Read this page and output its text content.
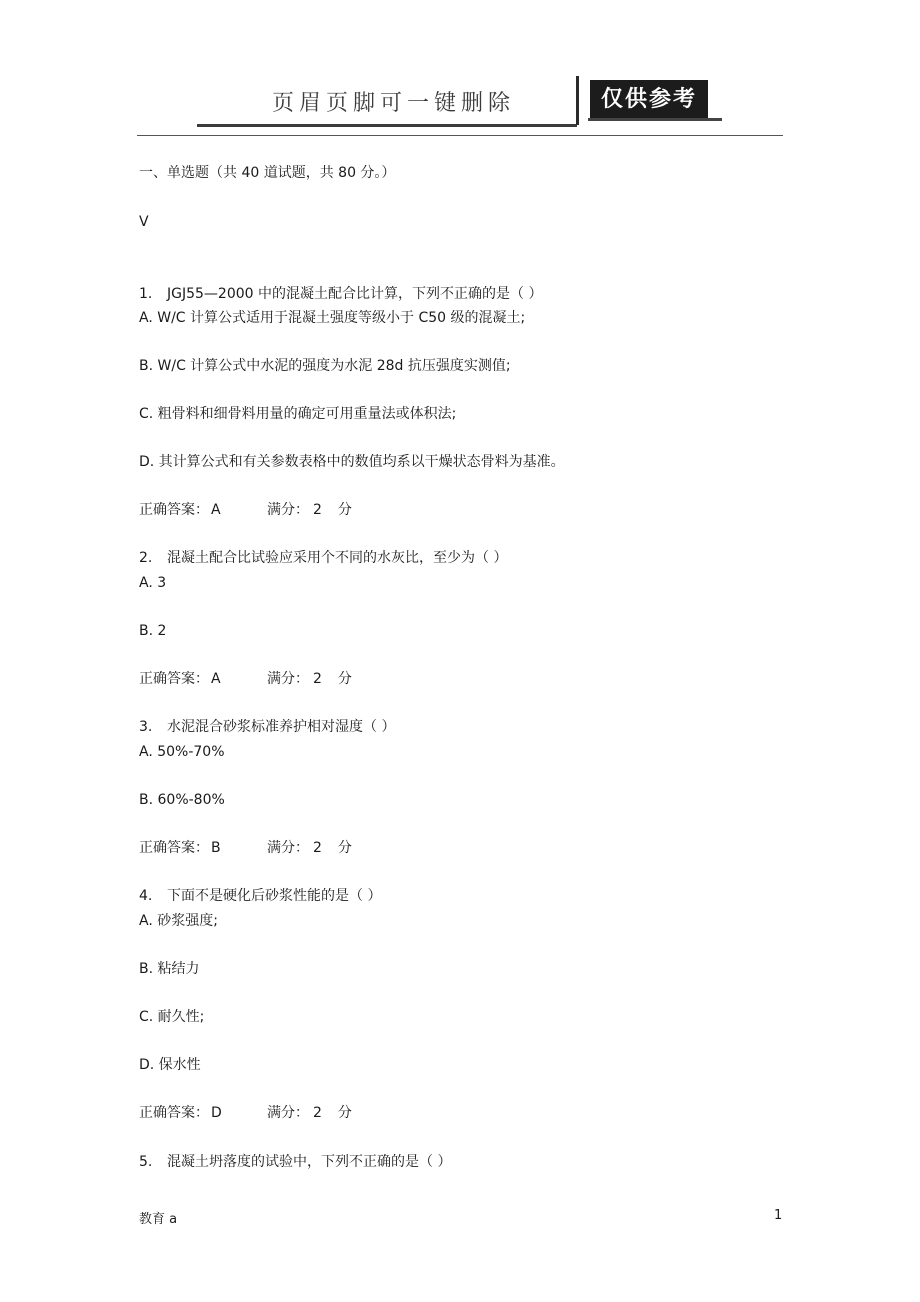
页眉页脚可一键删除	仅供参考
一、单选题（共 40 道试题，共 80 分。）
V
1. JGJ55—2000 中的混凝土配合比计算，下列不正确的是（ ）
A. W/C 计算公式适用于混凝土强度等级小于 C50 级的混凝土;
B. W/C 计算公式中水泥的强度为水泥 28d 抗压强度实测值;
C. 粗骨料和细骨料用量的确定可用重量法或体积法;
D. 其计算公式和有关参数表格中的数值均系以干燥状态骨料为基准。
正确答案： A	满分： 2 分
2. 混凝土配合比试验应采用个不同的水灰比，至少为（ ）
A. 3
B. 2
正确答案： A	满分： 2 分
3. 水泥混合砂浆标准养护相对湿度（ ）
A. 50%-70%
B. 60%-80%
正确答案： B	满分： 2 分
4. 下面不是硬化后砂浆性能的是（ ）
A. 砂浆强度;
B. 粘结力
C. 耐久性;
D. 保水性
正确答案： D	满分： 2 分
5. 混凝土坍落度的试验中，下列不正确的是（ ）
教育 a	1
